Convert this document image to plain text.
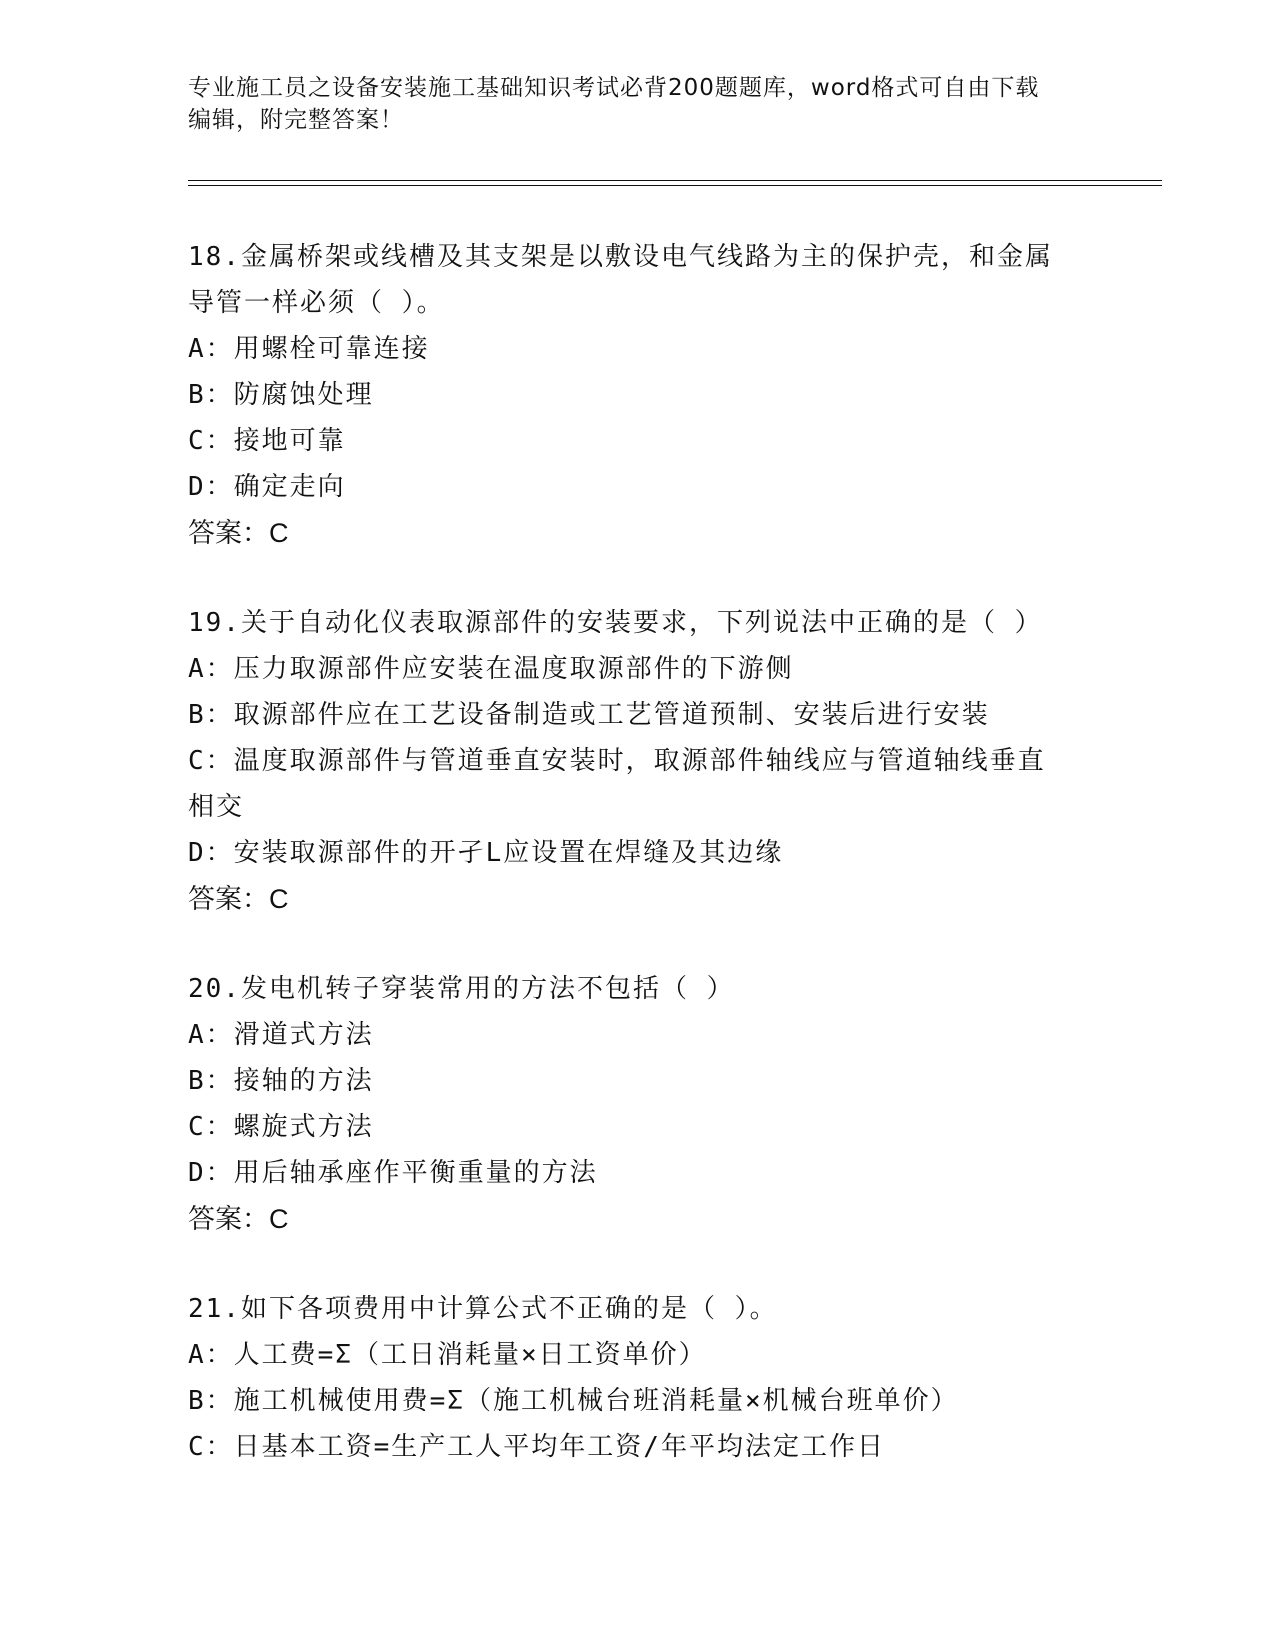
专业施工员之设备安装施工基础知识考试必背200题题库，word格式可自由下载
编辑，附完整答案！

18.金属桥架或线槽及其支架是以敷设电气线路为主的保护壳，和金属

导管一样必须（ ）。

A：用螺栓可靠连接

B：防腐蚀处理

C：接地可靠

D：确定走向

答案：C

19.关于自动化仪表取源部件的安装要求，下列说法中正确的是（ ）

A：压力取源部件应安装在温度取源部件的下游侧

B：取源部件应在工艺设备制造或工艺管道预制、安装后进行安装

C：温度取源部件与管道垂直安装时，取源部件轴线应与管道轴线垂直

相交

D：安装取源部件的开孑L应设置在焊缝及其边缘

答案：C

20.发电机转子穿装常用的方法不包括（ ）

A：滑道式方法

B：接轴的方法

C：螺旋式方法

D：用后轴承座作平衡重量的方法

答案：C

21.如下各项费用中计算公式不正确的是（ ）。

A：人工费=Σ（工日消耗量×日工资单价）

B：施工机械使用费=Σ（施工机械台班消耗量×机械台班单价）

C：日基本工资=生产工人平均年工资/年平均法定工作日
